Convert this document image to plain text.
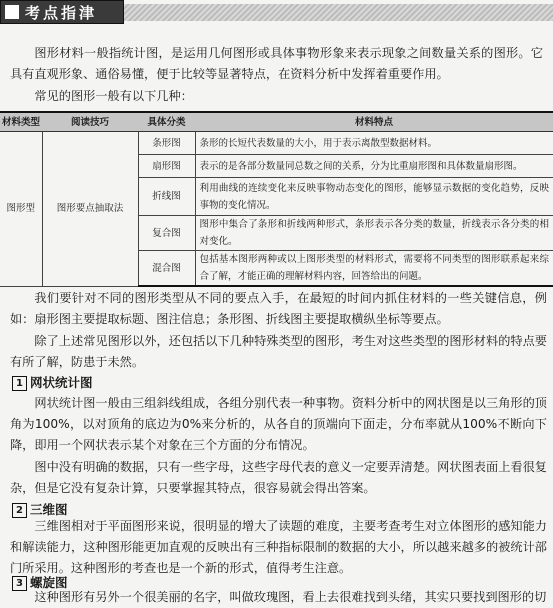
考点指津

图形材料一般指统计图，是运用几何图形或具体事物形象来表示现象之间数量关系的图形。它具有直观形象、通俗易懂，便于比较等显著特点，在资料分析中发挥着重要作用。

常见的图形一般有以下几种：

材料类型	阅读技巧	具体分类	材料特点
图形型	图形要点抽取法	条形图	条形的长短代表数量的大小，用于表示离散型数据材料。
		扇形图	表示的是各部分数量同总数之间的关系，分为比重扇形图和具体数量扇形图。
		折线图	利用曲线的连续变化来反映事物动态变化的图形，能够显示数据的变化趋势，反映事物的变化情况。
		复合图	图形中集合了条形和折线两种形式，条形表示各分类的数量，折线表示各分类的相对变化。
		混合图	包括基本图形两种或以上图形类型的材料形式，需要将不同类型的图形联系起来综合了解，才能正确的理解材料内容，回答给出的问题。

我们要针对不同的图形类型从不同的要点入手，在最短的时间内抓住材料的一些关键信息，例如：扇形图主要提取标题、图注信息；条形图、折线图主要提取横纵坐标等要点。

除了上述常见图形以外，还包括以下几种特殊类型的图形，考生对这些类型的图形材料的特点要有所了解，防患于未然。

1 网状统计图

网状统计图一般由三组斜线组成，各组分别代表一种事物。资料分析中的网状图是以三角形的顶角为100%，以对顶角的底边为0%来分析的，从各自的顶端向下面走，分布率就从100%不断向下降，即用一个网状表示某个对象在三个方面的分布情况。

图中没有明确的数据，只有一些字母，这些字母代表的意义一定要弄清楚。网状图表面上看很复杂，但是它没有复杂计算，只要掌握其特点，很容易就会得出答案。

2 三维图

三维图相对于平面图形来说，很明显的增大了读题的难度，主要考查考生对立体图形的感知能力和解读能力，这种图形能更加直观的反映出有三种指标限制的数据的大小，所以越来越多的被统计部门所采用。这种图形的考查也是一个新的形式，值得考生注意。

3 螺旋图

这种图形有另外一个很美丽的名字，叫做玫瑰图，看上去很难找到头绪，其实只要找到图形的切
